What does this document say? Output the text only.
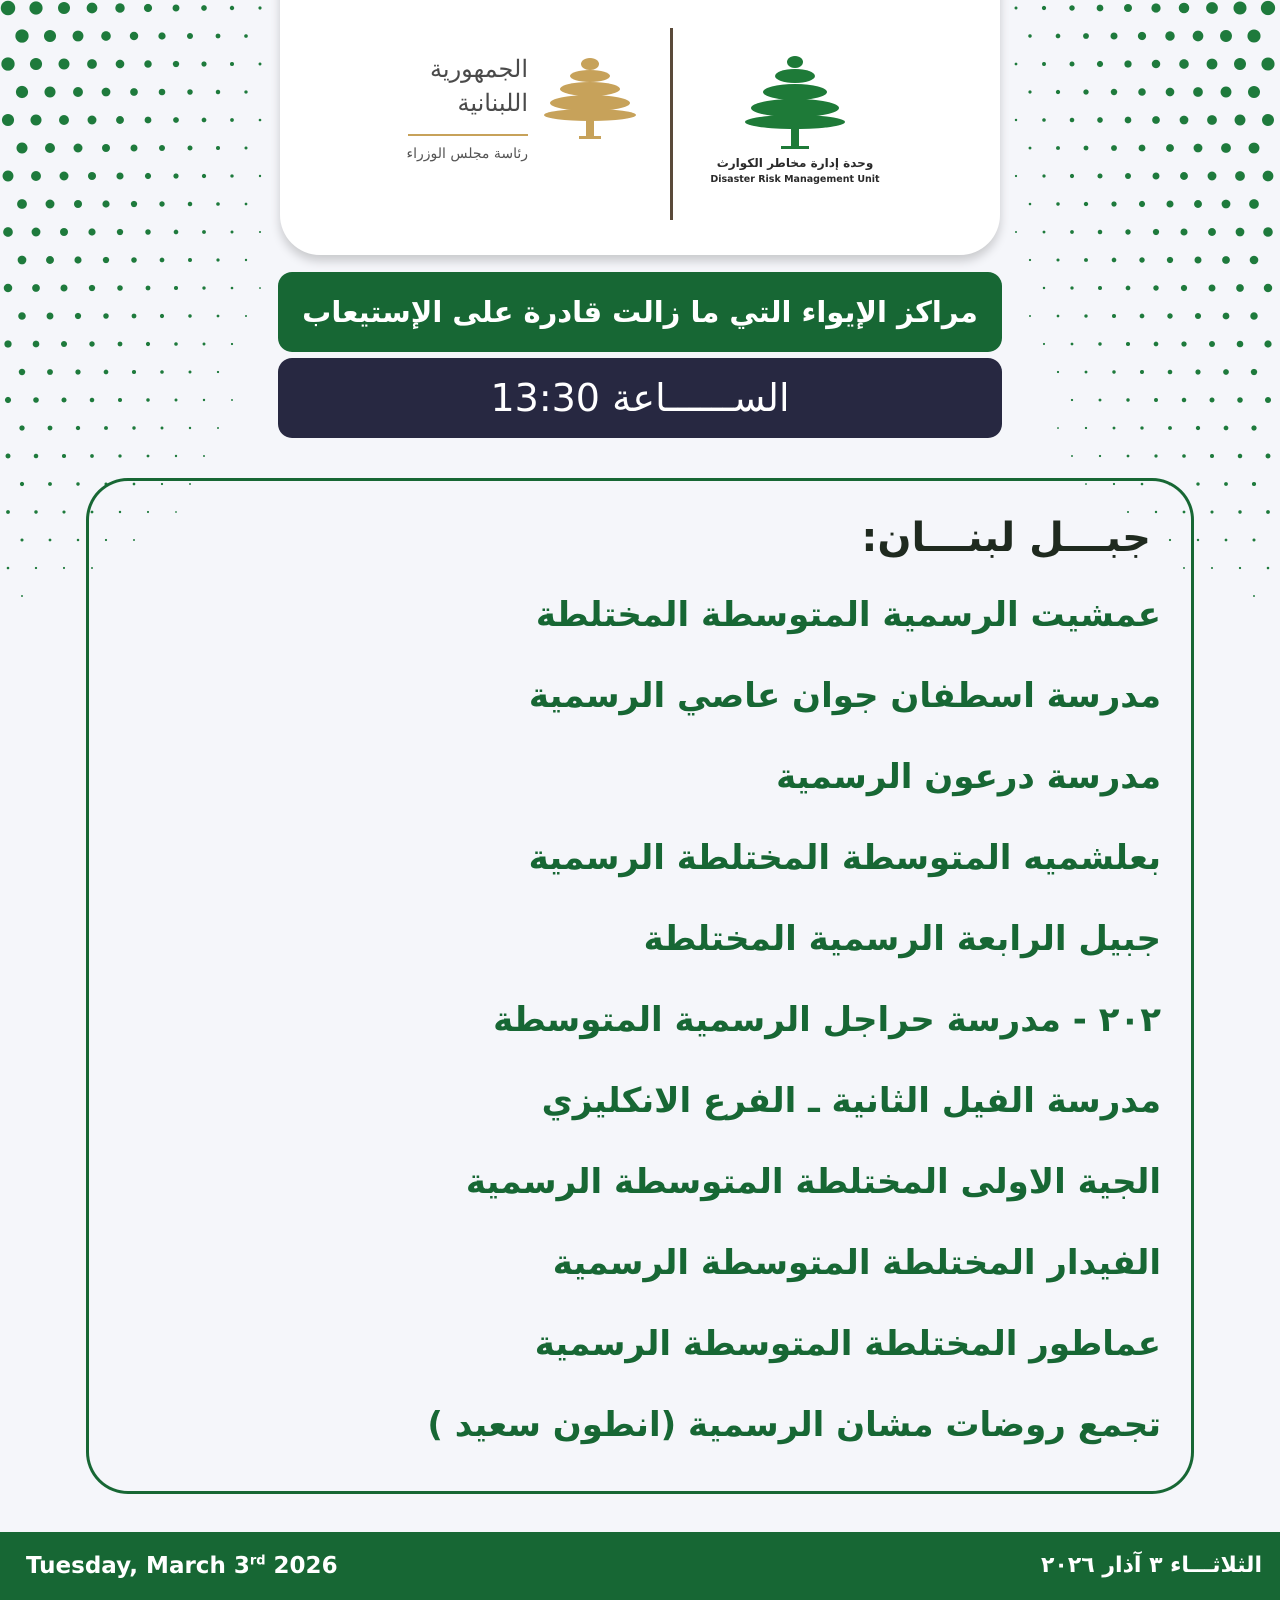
الجمهورية
اللبنانية
رئاسة مجلس الوزراء
وحدة إدارة مخاطر الكوارث
Disaster Risk Management Unit
مراكز الإيواء التي ما زالت قادرة على الإستيعاب
الســــــاعة 13:30
جبـــل لبنـــان:
عمشيت الرسمية المتوسطة المختلطة
مدرسة اسطفان جوان عاصي الرسمية
مدرسة درعون الرسمية
بعلشميه المتوسطة المختلطة الرسمية
جبيل الرابعة الرسمية المختلطة
٢٠٢ - مدرسة حراجل الرسمية المتوسطة
مدرسة الفيل الثانية ـ الفرع الانكليزي
الجية الاولى المختلطة المتوسطة الرسمية
الفيدار المختلطة المتوسطة الرسمية
عماطور المختلطة المتوسطة الرسمية
تجمع روضات مشان الرسمية (انطون سعيد )
Tuesday, March 3rd 2026	الثلاثـــاء ٣ آذار ٢٠٢٦
